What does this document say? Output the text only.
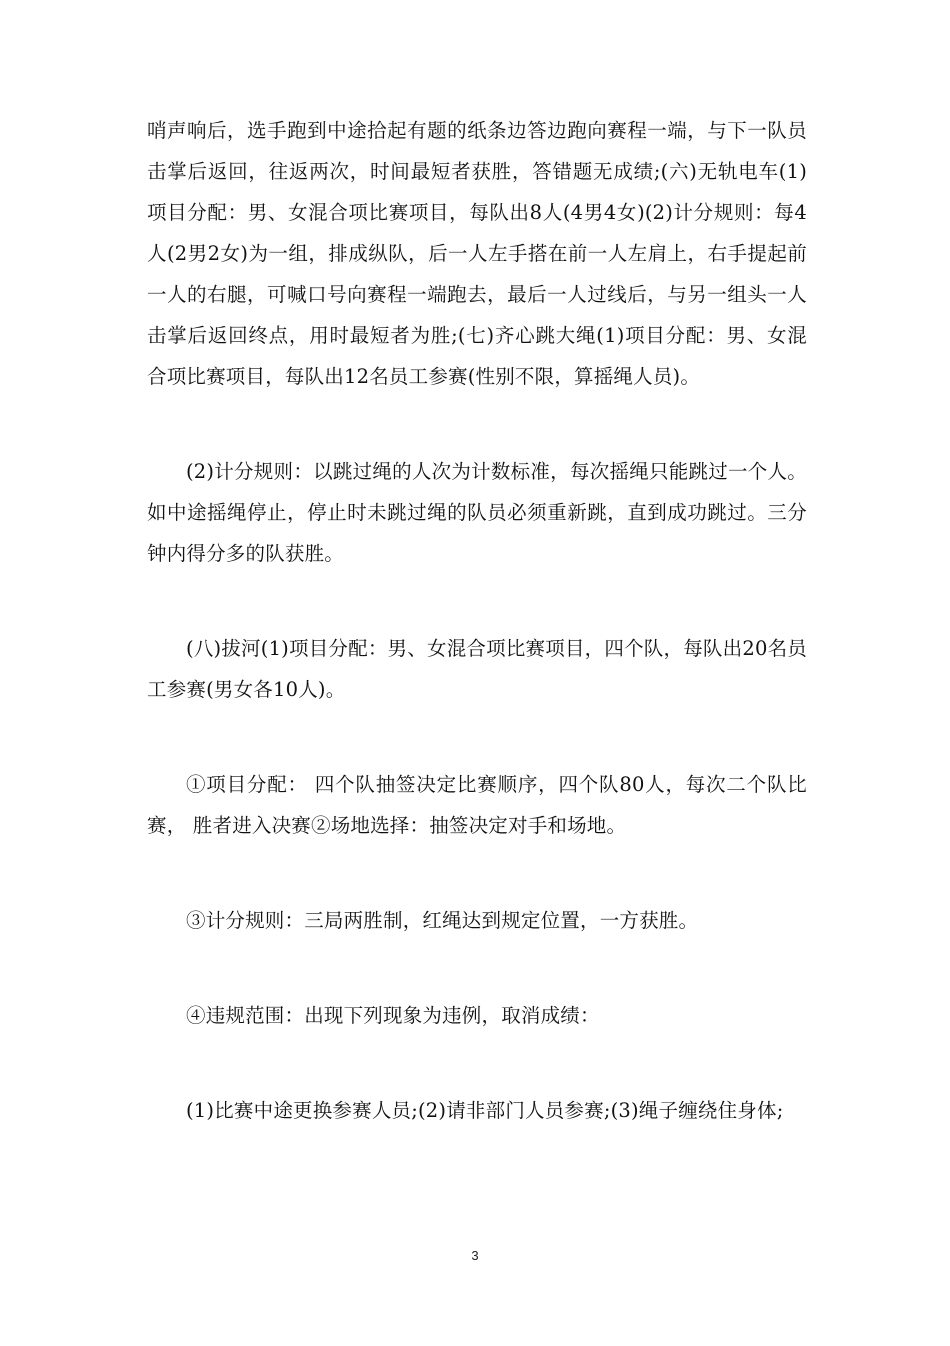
哨声响后，选手跑到中途拾起有题的纸条边答边跑向赛程一端，与下一队员击掌后返回，往返两次，时间最短者获胜，答错题无成绩;(六)无轨电车(1)项目分配：男、女混合项比赛项目，每队出8人(4男4女)(2)计分规则：每4人(2男2女)为一组，排成纵队，后一人左手搭在前一人左肩上，右手提起前一人的右腿，可喊口号向赛程一端跑去，最后一人过线后，与另一组头一人击掌后返回终点，用时最短者为胜;(七)齐心跳大绳(1)项目分配：男、女混合项比赛项目，每队出12名员工参赛(性别不限，算摇绳人员)。

(2)计分规则：以跳过绳的人次为计数标准，每次摇绳只能跳过一个人。如中途摇绳停止，停止时未跳过绳的队员必须重新跳，直到成功跳过。三分钟内得分多的队获胜。

(八)拔河(1)项目分配：男、女混合项比赛项目，四个队，每队出20名员工参赛(男女各10人)。

①项目分配： 四个队抽签决定比赛顺序，四个队80人，每次二个队比赛， 胜者进入决赛②场地选择：抽签决定对手和场地。

③计分规则：三局两胜制，红绳达到规定位置，一方获胜。

④违规范围：出现下列现象为违例，取消成绩：

(1)比赛中途更换参赛人员;(2)请非部门人员参赛;(3)绳子缠绕住身体;

3
